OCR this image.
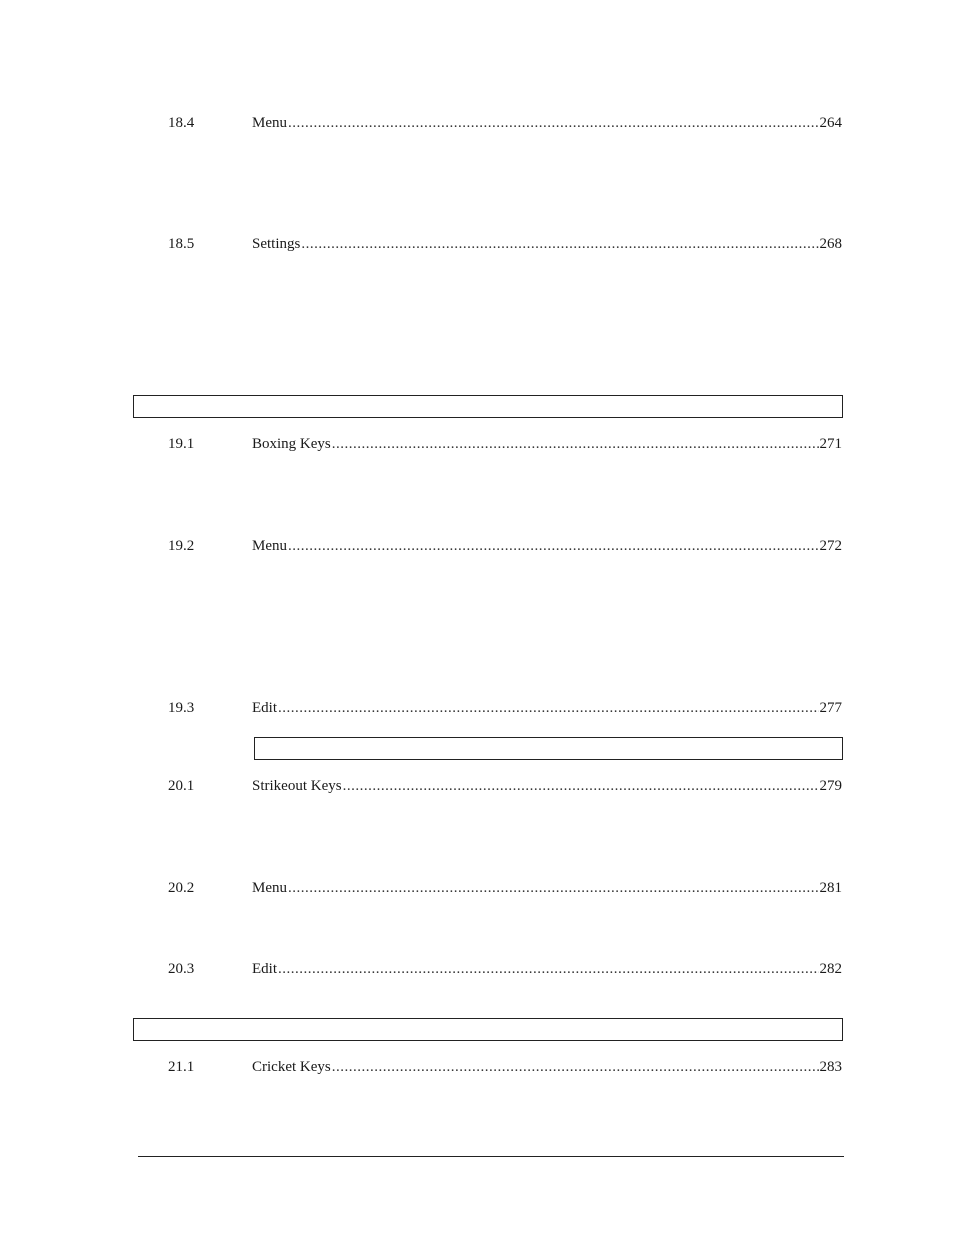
18.4	Menu .....	264
18.5	Settings .....	268
19.1	Boxing Keys .....	271
19.2	Menu .....	272
19.3	Edit .....	277
20.1	Strikeout Keys .....	279
20.2	Menu .....	281
20.3	Edit .....	282
21.1	Cricket Keys .....	283
